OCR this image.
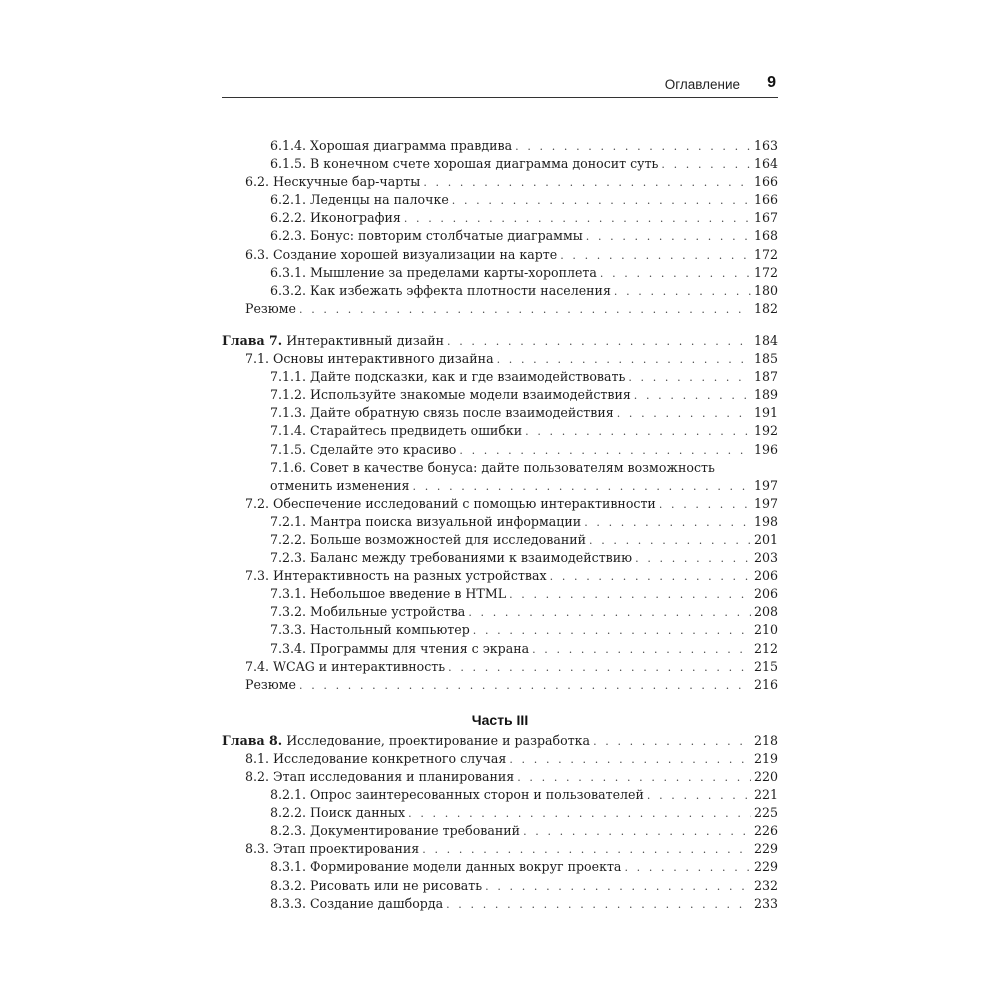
Оглавление 9
6.1.4. Хорошая диаграмма правдива . . .	163
6.1.5. В конечном счете хорошая диаграмма доносит суть . . .	164
6.2. Нескучные бар-чарты . . .	166
6.2.1. Леденцы на палочке . . .	166
6.2.2. Иконография . . .	167
6.2.3. Бонус: повторим столбчатые диаграммы . . .	168
6.3. Создание хорошей визуализации на карте . . .	172
6.3.1. Мышление за пределами карты-хороплета . . .	172
6.3.2. Как избежать эффекта плотности населения . . .	180
Резюме . . .	182
Глава 7. Интерактивный дизайн . . .	184
7.1. Основы интерактивного дизайна . . .	185
7.1.1. Дайте подсказки, как и где взаимодействовать . . .	187
7.1.2. Используйте знакомые модели взаимодействия . . .	189
7.1.3. Дайте обратную связь после взаимодействия . . .	191
7.1.4. Старайтесь предвидеть ошибки . . .	192
7.1.5. Сделайте это красиво . . .	196
7.1.6. Совет в качестве бонуса: дайте пользователям возможность
отменить изменения . . .	197
7.2. Обеспечение исследований с помощью интерактивности . . .	197
7.2.1. Мантра поиска визуальной информации . . .	198
7.2.2. Больше возможностей для исследований . . .	201
7.2.3. Баланс между требованиями к взаимодействию . . .	203
7.3. Интерактивность на разных устройствах . . .	206
7.3.1. Небольшое введение в HTML . . .	206
7.3.2. Мобильные устройства . . .	208
7.3.3. Настольный компьютер . . .	210
7.3.4. Программы для чтения с экрана . . .	212
7.4. WCAG и интерактивность . . .	215
Резюме . . .	216
Часть III
Глава 8. Исследование, проектирование и разработка . . .	218
8.1. Исследование конкретного случая . . .	219
8.2. Этап исследования и планирования . . .	220
8.2.1. Опрос заинтересованных сторон и пользователей . . .	221
8.2.2. Поиск данных . . .	225
8.2.3. Документирование требований . . .	226
8.3. Этап проектирования . . .	229
8.3.1. Формирование модели данных вокруг проекта . . .	229
8.3.2. Рисовать или не рисовать . . .	232
8.3.3. Создание дашборда . . .	233
